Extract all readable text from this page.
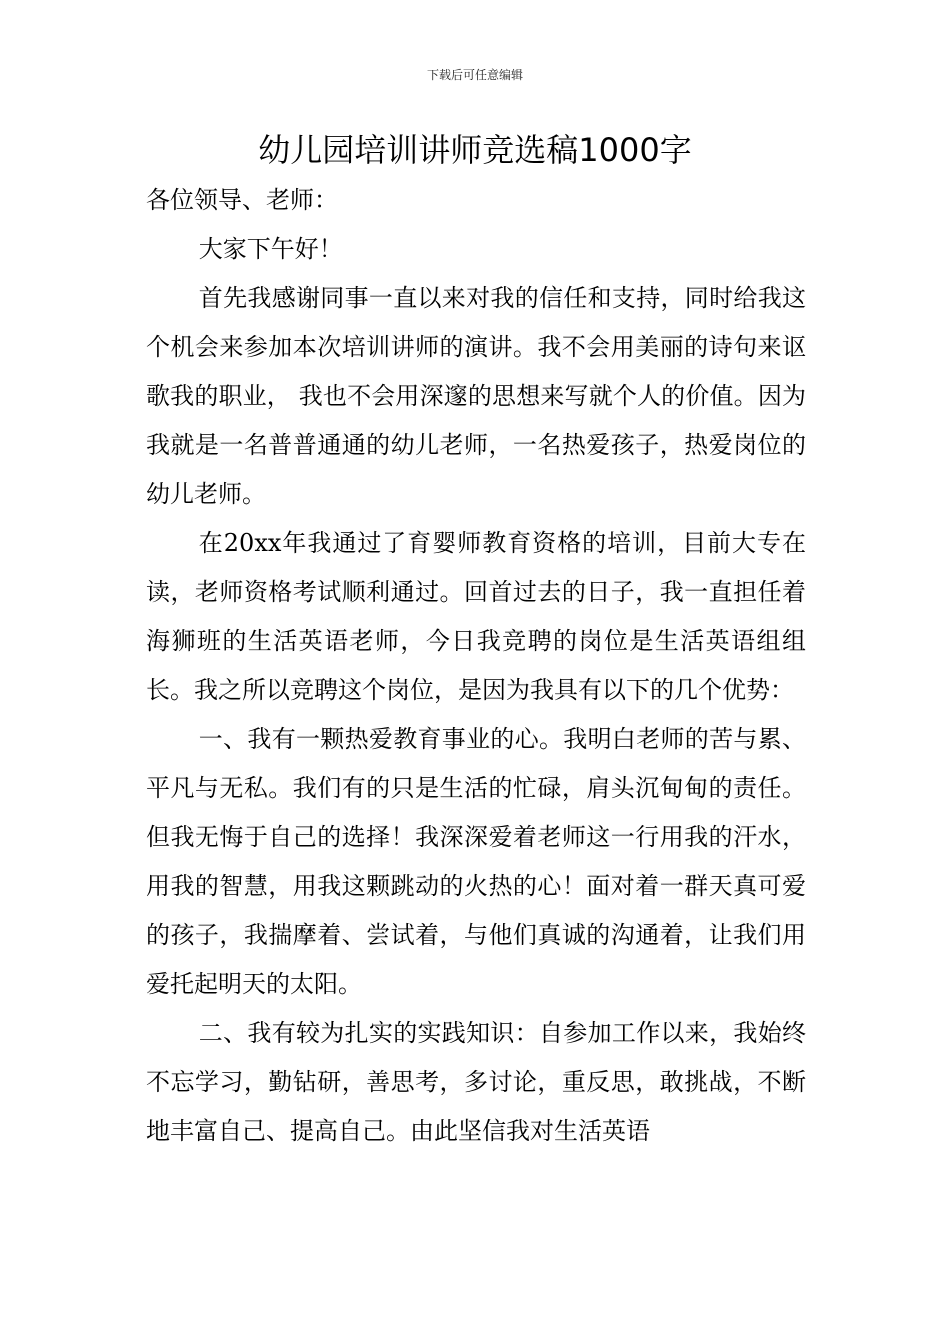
下载后可任意编辑
幼儿园培训讲师竞选稿1000字

各位领导、老师：

大家下午好！

首先我感谢同事一直以来对我的信任和支持，同时给我这个机会来参加本次培训讲师的演讲。我不会用美丽的诗句来讴歌我的职业， 我也不会用深邃的思想来写就个人的价值。因为我就是一名普普通通的幼儿老师，一名热爱孩子，热爱岗位的幼儿老师。

在20xx年我通过了育婴师教育资格的培训，目前大专在读，老师资格考试顺利通过。回首过去的日子，我一直担任着海狮班的生活英语老师，今日我竞聘的岗位是生活英语组组长。我之所以竞聘这个岗位，是因为我具有以下的几个优势：

一、我有一颗热爱教育事业的心。我明白老师的苦与累、平凡与无私。我们有的只是生活的忙碌，肩头沉甸甸的责任。但我无悔于自己的选择！我深深爱着老师这一行用我的汗水，用我的智慧，用我这颗跳动的火热的心！面对着一群天真可爱的孩子，我揣摩着、尝试着，与他们真诚的沟通着，让我们用爱托起明天的太阳。

二、我有较为扎实的实践知识：自参加工作以来，我始终不忘学习，勤钻研，善思考，多讨论，重反思，敢挑战，不断地丰富自己、提高自己。由此坚信我对生活英语
